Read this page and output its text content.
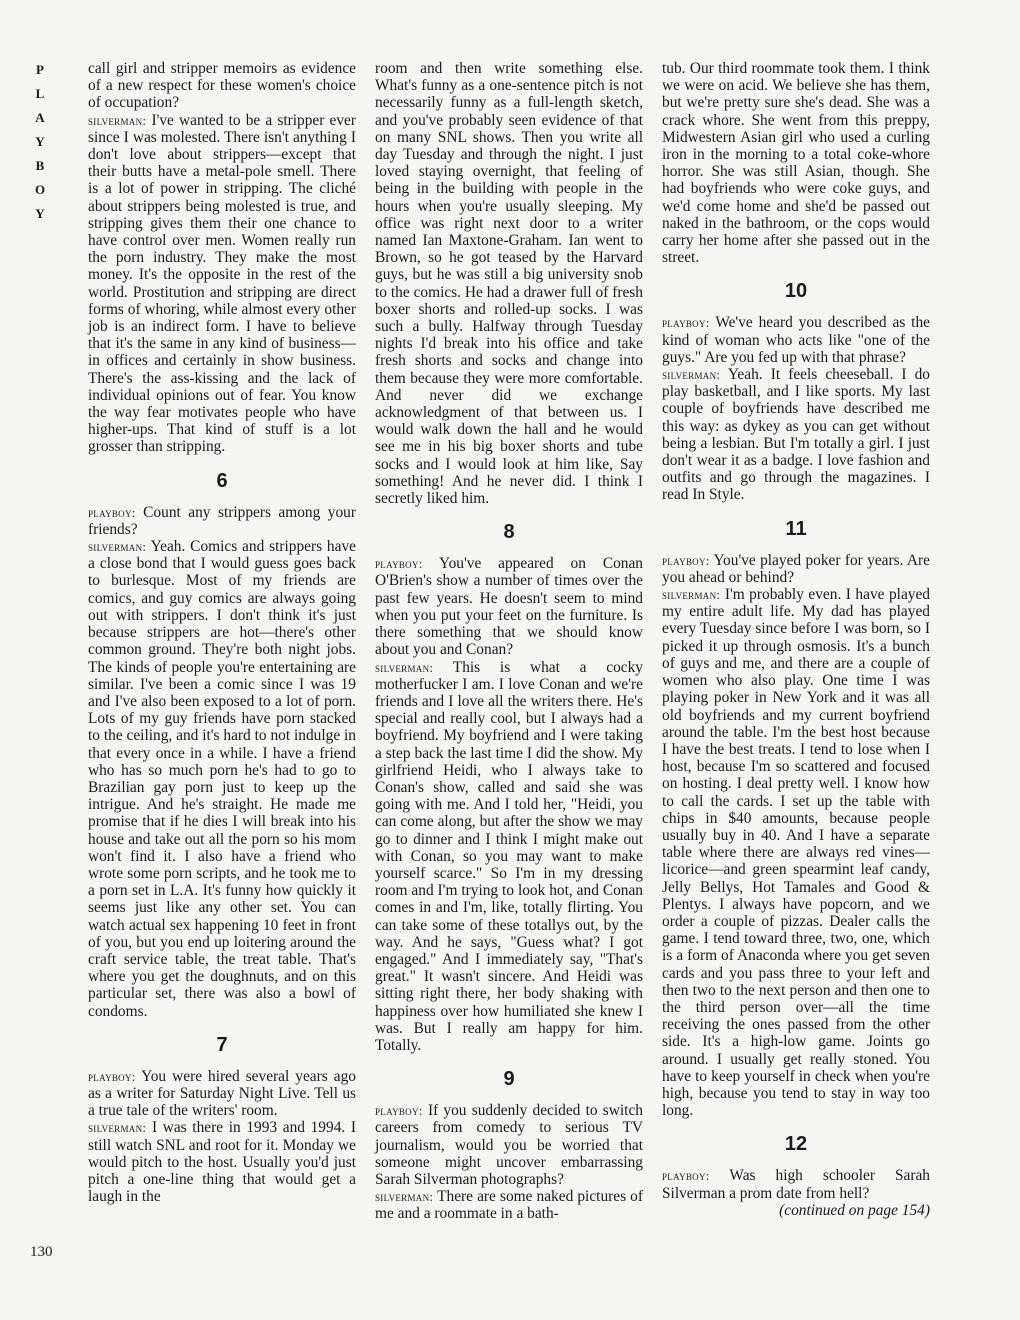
P
L
A
Y
B
O
Y
130

call girl and stripper memoirs as evidence of a new respect for these women's choice of occupation?

silverman: I've wanted to be a stripper ever since I was molested. There isn't anything I don't love about strippers—except that their butts have a metal-pole smell. There is a lot of power in stripping. The cliché about strippers being molested is true, and stripping gives them their one chance to have control over men. Women really run the porn industry. They make the most money. It's the opposite in the rest of the world. Prostitution and stripping are direct forms of whoring, while almost every other job is an indirect form. I have to believe that it's the same in any kind of business—in offices and certainly in show business. There's the ass-kissing and the lack of individual opinions out of fear. You know the way fear motivates people who have higher-ups. That kind of stuff is a lot grosser than stripping.

6

playboy: Count any strippers among your friends?

silverman: Yeah. Comics and strippers have a close bond that I would guess goes back to burlesque. Most of my friends are comics, and guy comics are always going out with strippers. I don't think it's just because strippers are hot—there's other common ground. They're both night jobs. The kinds of people you're entertaining are similar. I've been a comic since I was 19 and I've also been exposed to a lot of porn. Lots of my guy friends have porn stacked to the ceiling, and it's hard to not indulge in that every once in a while. I have a friend who has so much porn he's had to go to Brazilian gay porn just to keep up the intrigue. And he's straight. He made me promise that if he dies I will break into his house and take out all the porn so his mom won't find it. I also have a friend who wrote some porn scripts, and he took me to a porn set in L.A. It's funny how quickly it seems just like any other set. You can watch actual sex happening 10 feet in front of you, but you end up loitering around the craft service table, the treat table. That's where you get the doughnuts, and on this particular set, there was also a bowl of condoms.

7

playboy: You were hired several years ago as a writer for Saturday Night Live. Tell us a true tale of the writers' room.

silverman: I was there in 1993 and 1994. I still watch SNL and root for it. Monday we would pitch to the host. Usually you'd just pitch a one-line thing that would get a laugh in the

room and then write something else. What's funny as a one-sentence pitch is not necessarily funny as a full-length sketch, and you've probably seen evidence of that on many SNL shows. Then you write all day Tuesday and through the night. I just loved staying overnight, that feeling of being in the building with people in the hours when you're usually sleeping. My office was right next door to a writer named Ian Maxtone-Graham. Ian went to Brown, so he got teased by the Harvard guys, but he was still a big university snob to the comics. He had a drawer full of fresh boxer shorts and rolled-up socks. I was such a bully. Halfway through Tuesday nights I'd break into his office and take fresh shorts and socks and change into them because they were more comfortable. And never did we exchange acknowledgment of that between us. I would walk down the hall and he would see me in his big boxer shorts and tube socks and I would look at him like, Say something! And he never did. I think I secretly liked him.

8

playboy: You've appeared on Conan O'Brien's show a number of times over the past few years. He doesn't seem to mind when you put your feet on the furniture. Is there something that we should know about you and Conan?

silverman: This is what a cocky motherfucker I am. I love Conan and we're friends and I love all the writers there. He's special and really cool, but I always had a boyfriend. My boyfriend and I were taking a step back the last time I did the show. My girlfriend Heidi, who I always take to Conan's show, called and said she was going with me. And I told her, "Heidi, you can come along, but after the show we may go to dinner and I think I might make out with Conan, so you may want to make yourself scarce." So I'm in my dressing room and I'm trying to look hot, and Conan comes in and I'm, like, totally flirting. You can take some of these totallys out, by the way. And he says, "Guess what? I got engaged." And I immediately say, "That's great." It wasn't sincere. And Heidi was sitting right there, her body shaking with happiness over how humiliated she knew I was. But I really am happy for him. Totally.

9

playboy: If you suddenly decided to switch careers from comedy to serious TV journalism, would you be worried that someone might uncover embarrassing Sarah Silverman photographs?

silverman: There are some naked pictures of me and a roommate in a bath-

tub. Our third roommate took them. I think we were on acid. We believe she has them, but we're pretty sure she's dead. She was a crack whore. She went from this preppy, Midwestern Asian girl who used a curling iron in the morning to a total coke-whore horror. She was still Asian, though. She had boyfriends who were coke guys, and we'd come home and she'd be passed out naked in the bathroom, or the cops would carry her home after she passed out in the street.

10

playboy: We've heard you described as the kind of woman who acts like "one of the guys." Are you fed up with that phrase?

silverman: Yeah. It feels cheeseball. I do play basketball, and I like sports. My last couple of boyfriends have described me this way: as dykey as you can get without being a lesbian. But I'm totally a girl. I just don't wear it as a badge. I love fashion and outfits and go through the magazines. I read In Style.

11

playboy: You've played poker for years. Are you ahead or behind?

silverman: I'm probably even. I have played my entire adult life. My dad has played every Tuesday since before I was born, so I picked it up through osmosis. It's a bunch of guys and me, and there are a couple of women who also play. One time I was playing poker in New York and it was all old boyfriends and my current boyfriend around the table. I'm the best host because I have the best treats. I tend to lose when I host, because I'm so scattered and focused on hosting. I deal pretty well. I know how to call the cards. I set up the table with chips in $40 amounts, because people usually buy in 40. And I have a separate table where there are always red vines—licorice—and green spearmint leaf candy, Jelly Bellys, Hot Tamales and Good & Plentys. I always have popcorn, and we order a couple of pizzas. Dealer calls the game. I tend toward three, two, one, which is a form of Anaconda where you get seven cards and you pass three to your left and then two to the next person and then one to the third person over—all the time receiving the ones passed from the other side. It's a high-low game. Joints go around. I usually get really stoned. You have to keep yourself in check when you're high, because you tend to stay in way too long.

12

playboy: Was high schooler Sarah Silverman a prom date from hell?

(continued on page 154)
